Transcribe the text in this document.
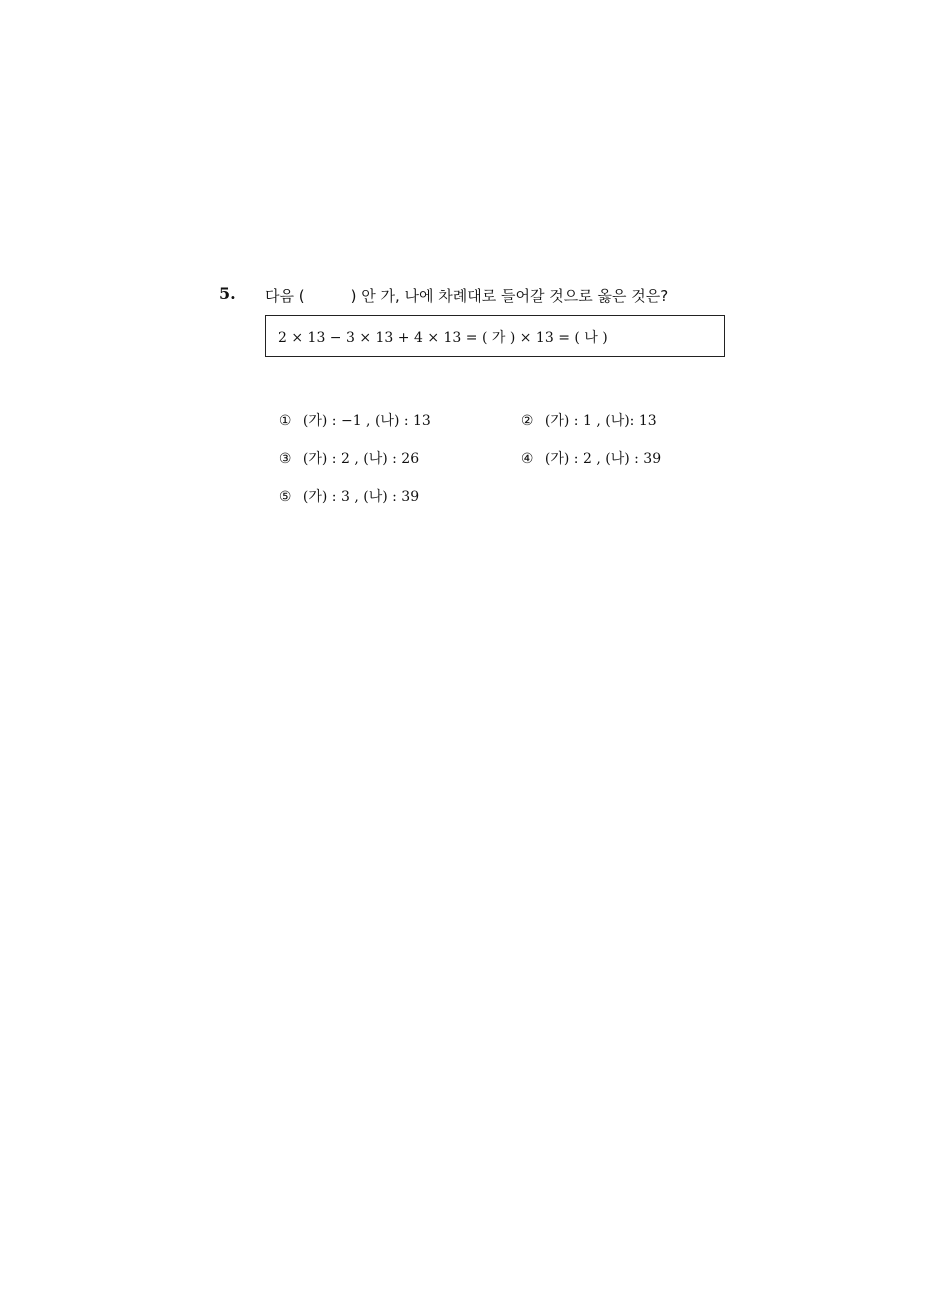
5. 다음 (	) 안 가, 나에 차례대로 들어갈 것으로 옳은 것은?
2 × 13 − 3 × 13 + 4 × 13 = ( 가 ) × 13 = ( 나 )

① (가) : −1 , (나) : 13	② (가) : 1 , (나): 13

③ (가) : 2 , (나) : 26	④ (가) : 2 , (나) : 39

⑤ (가) : 3 , (나) : 39
